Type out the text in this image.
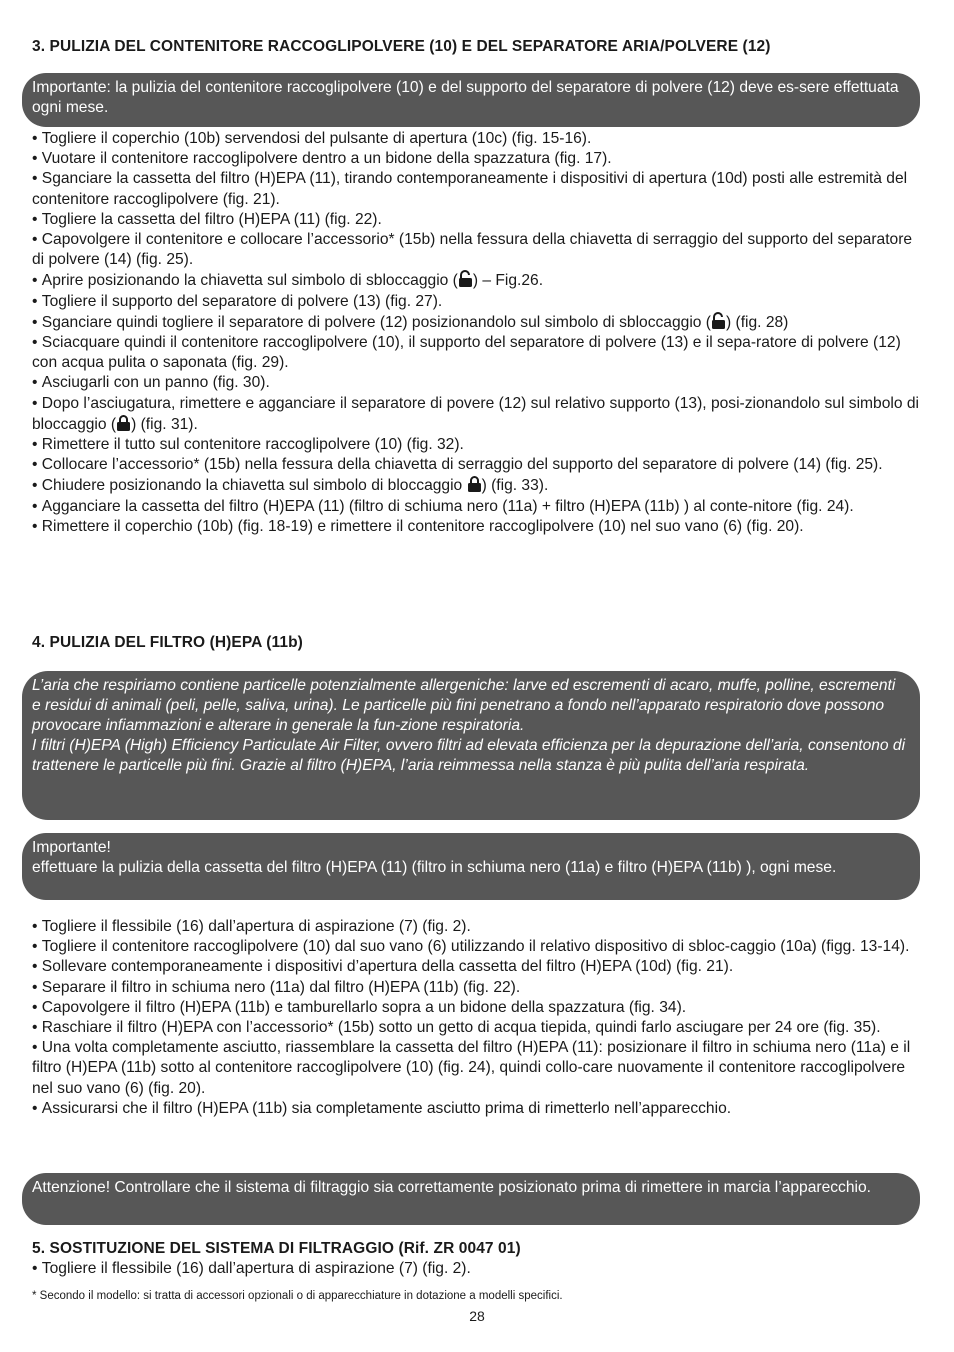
3. PULIZIA DEL CONTENITORE RACCOGLIPOLVERE (10) E DEL SEPARATORE ARIA/POLVERE (12)

Importante: la pulizia del contenitore raccoglipolvere (10) e del supporto del separatore di polvere (12) deve es-sere effettuata ogni mese.

• Togliere il coperchio (10b) servendosi del pulsante di apertura (10c) (fig. 15-16).
• Vuotare il contenitore raccoglipolvere dentro a un bidone della spazzatura (fig. 17).
• Sganciare la cassetta del filtro (H)EPA (11), tirando contemporaneamente i dispositivi di apertura (10d) posti alle estremità del contenitore raccoglipolvere (fig. 21).
• Togliere la cassetta del filtro (H)EPA (11) (fig. 22).
• Capovolgere il contenitore e collocare l’accessorio* (15b) nella fessura della chiavetta di serraggio del supporto del separatore di polvere (14) (fig. 25).
• Aprire posizionando la chiavetta sul simbolo di sbloccaggio ( ) – Fig.26.
• Togliere il supporto del separatore di polvere (13) (fig. 27).
• Sganciare quindi togliere il separatore di polvere (12) posizionandolo sul simbolo di sbloccaggio ( ) (fig. 28)
• Sciacquare quindi il contenitore raccoglipolvere (10), il supporto del separatore di polvere (13) e il sepa-ratore di polvere (12) con acqua pulita o saponata (fig. 29).
• Asciugarli con un panno (fig. 30).
• Dopo l’asciugatura, rimettere e agganciare il separatore di povere (12) sul relativo supporto (13), posi-zionandolo sul simbolo di bloccaggio ( ) (fig. 31).
• Rimettere il tutto sul contenitore raccoglipolvere (10) (fig. 32).
• Collocare l’accessorio* (15b) nella fessura della chiavetta di serraggio del supporto del separatore di polvere (14) (fig. 25).
• Chiudere posizionando la chiavetta sul simbolo di bloccaggio ) (fig. 33).
• Agganciare la cassetta del filtro (H)EPA (11) (filtro di schiuma nero (11a) + filtro (H)EPA (11b) ) al conte-nitore (fig. 24).
• Rimettere il coperchio (10b) (fig. 18-19) e rimettere il contenitore raccoglipolvere (10) nel suo vano (6) (fig. 20).
4. PULIZIA DEL FILTRO (H)EPA (11b)

L’aria che respiriamo contiene particelle potenzialmente allergeniche: larve ed escrementi di acaro, muffe, polline, escrementi e residui di animali (peli, pelle, saliva, urina). Le particelle più fini penetrano a fondo nell’apparato respiratorio dove possono provocare infiammazioni e alterare in generale la fun-zione respiratoria.

I filtri (H)EPA (High) Efficiency Particulate Air Filter, ovvero filtri ad elevata efficienza per la depurazione dell’aria, consentono di trattenere le particelle più fini. Grazie al filtro (H)EPA, l’aria reimmessa nella stanza è più pulita dell’aria respirata.

Importante!

effettuare la pulizia della cassetta del filtro (H)EPA (11) (filtro in schiuma nero (11a) e filtro (H)EPA (11b) ), ogni mese.

• Togliere il flessibile (16) dall’apertura di aspirazione (7) (fig. 2).
• Togliere il contenitore raccoglipolvere (10) dal suo vano (6) utilizzando il relativo dispositivo di sbloc-caggio (10a) (figg. 13-14).
• Sollevare contemporaneamente i dispositivi d’apertura della cassetta del filtro (H)EPA (10d) (fig. 21).
• Separare il filtro in schiuma nero (11a) dal filtro (H)EPA (11b) (fig. 22).
• Capovolgere il filtro (H)EPA (11b) e tamburellarlo sopra a un bidone della spazzatura (fig. 34).
• Raschiare il filtro (H)EPA con l’accessorio* (15b) sotto un getto di acqua tiepida, quindi farlo asciugare per 24 ore (fig. 35).
• Una volta completamente asciutto, riassemblare la cassetta del filtro (H)EPA (11): posizionare il filtro in schiuma nero (11a) e il filtro (H)EPA (11b) sotto al contenitore raccoglipolvere (10) (fig. 24), quindi collo-care nuovamente il contenitore raccoglipolvere nel suo vano (6) (fig. 20).
• Assicurarsi che il filtro (H)EPA (11b) sia completamente asciutto prima di rimetterlo nell’apparecchio.

Attenzione! Controllare che il sistema di filtraggio sia correttamente posizionato prima di rimettere in marcia l’apparecchio.

5. SOSTITUZIONE DEL SISTEMA DI FILTRAGGIO (Rif. ZR 0047 01)
• Togliere il flessibile (16) dall’apertura di aspirazione (7) (fig. 2).
* Secondo il modello: si tratta di accessori opzionali o di apparecchiature in dotazione a modelli specifici.
28
